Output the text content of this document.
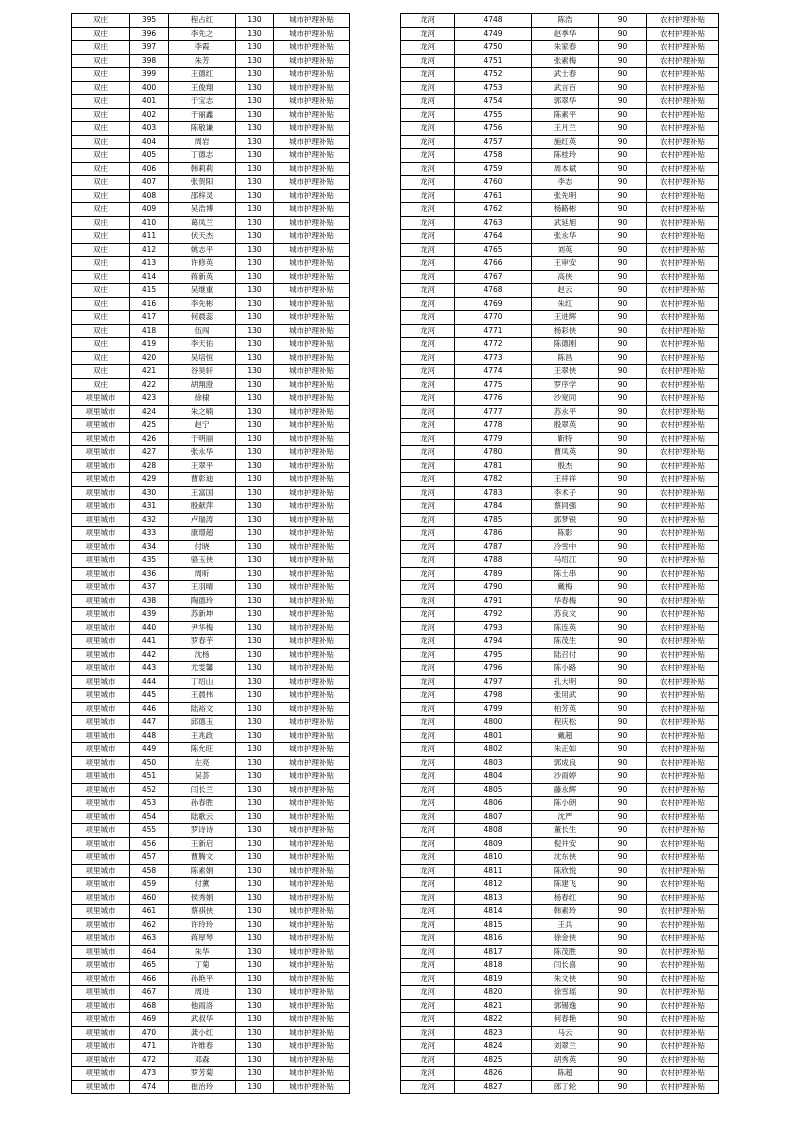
双庄	395	程占红	130	城市护理补贴
双庄	396	李先之	130	城市护理补贴
双庄	397	李霞	130	城市护理补贴
双庄	398	朱芳	130	城市护理补贴
双庄	399	王德红	130	城市护理补贴
双庄	400	王俊翔	130	城市护理补贴
双庄	401	于宝志	130	城市护理补贴
双庄	402	于丽鑫	130	城市护理补贴
双庄	403	陈敬谦	130	城市护理补贴
双庄	404	周岩	130	城市护理补贴
双庄	405	丁德志	130	城市护理补贴
双庄	406	韩莉莉	130	城市护理补贴
双庄	407	张贺阳	130	城市护理补贴
双庄	408	邵梓灵	130	城市护理补贴
双庄	409	吴浩博	130	城市护理补贴
双庄	410	葛凤兰	130	城市护理补贴
双庄	411	伏天杰	130	城市护理补贴
双庄	412	姚志平	130	城市护理补贴
双庄	413	许修英	130	城市护理补贴
双庄	414	蒋新英	130	城市护理补贴
双庄	415	吴继重	130	城市护理补贴
双庄	416	李先彬	130	城市护理补贴
双庄	417	何晨蕊	130	城市护理补贴
双庄	418	伍闯	130	城市护理补贴
双庄	419	李天佑	130	城市护理补贴
双庄	420	吴培恒	130	城市护理补贴
双庄	421	谷昊轩	130	城市护理补贴
双庄	422	胡翔澄	130	城市护理补贴
项里城市	423	徐棣	130	城市护理补贴
项里城市	424	朱之喃	130	城市护理补贴
项里城市	425	赵宁	130	城市护理补贴
项里城市	426	于明丽	130	城市护理补贴
项里城市	427	张永华	130	城市护理补贴
项里城市	428	王翠平	130	城市护理补贴
项里城市	429	曹彰迪	130	城市护理补贴
项里城市	430	王富国	130	城市护理补贴
项里城市	431	殷献萍	130	城市护理补贴
项里城市	432	卢瑞涛	130	城市护理补贴
项里城市	433	康璟超	130	城市护理补贴
项里城市	434	付晓	130	城市护理补贴
项里城市	435	骆玉侠	130	城市护理补贴
项里城市	436	周昕	130	城市护理补贴
项里城市	437	王羽晴	130	城市护理补贴
项里城市	438	陶德玲	130	城市护理补贴
项里城市	439	苏新坤	130	城市护理补贴
项里城市	440	尹华梅	130	城市护理补贴
项里城市	441	罗春芋	130	城市护理补贴
项里城市	442	沈杨	130	城市护理补贴
项里城市	443	尤雯馨	130	城市护理补贴
项里城市	444	丁绍山	130	城市护理补贴
项里城市	445	王晨伟	130	城市护理补贴
项里城市	446	陆裕文	130	城市护理补贴
项里城市	447	邱德玉	130	城市护理补贴
项里城市	448	王兆政	130	城市护理补贴
项里城市	449	陈允旺	130	城市护理补贴
项里城市	450	左亮	130	城市护理补贴
项里城市	451	吴荟	130	城市护理补贴
项里城市	452	闫长兰	130	城市护理补贴
项里城市	453	孙春胜	130	城市护理补贴
项里城市	454	陆歌云	130	城市护理补贴
项里城市	455	罗诗诗	130	城市护理补贴
项里城市	456	王新启	130	城市护理补贴
项里城市	457	曹腾文	130	城市护理补贴
项里城市	458	陈素娟	130	城市护理补贴
项里城市	459	付薰	130	城市护理补贴
项里城市	460	侯秀娟	130	城市护理补贴
项里城市	461	蔡祺侠	130	城市护理补贴
项里城市	462	许玲玲	130	城市护理补贴
项里城市	463	蒋厚琴	130	城市护理补贴
项里城市	464	朱华	130	城市护理补贴
项里城市	465	丁菊	130	城市护理补贴
项里城市	466	孙艳平	130	城市护理补贴
项里城市	467	周进	130	城市护理补贴
项里城市	468	他雨洛	130	城市护理补贴
项里城市	469	武叔华	130	城市护理补贴
项里城市	470	龚小红	130	城市护理补贴
项里城市	471	许维春	130	城市护理补贴
项里城市	472	邓森	130	城市护理补贴
项里城市	473	罗芳菊	130	城市护理补贴
项里城市	474	崔治玲	130	城市护理补贴
龙河	4748	陈浩	90	农村护理补贴
龙河	4749	赵季华	90	农村护理补贴
龙河	4750	朱家春	90	农村护理补贴
龙河	4751	张素梅	90	农村护理补贴
龙河	4752	武士春	90	农村护理补贴
龙河	4753	武言百	90	农村护理补贴
龙河	4754	郭翠华	90	农村护理补贴
龙河	4755	陈素平	90	农村护理补贴
龙河	4756	王月兰	90	农村护理补贴
龙河	4757	施红英	90	农村护理补贴
龙河	4758	陈桂玲	90	农村护理补贴
龙河	4759	周本斌	90	农村护理补贴
龙河	4760	李志	90	农村护理补贴
龙河	4761	张先明	90	农村护理补贴
龙河	4762	杨路彬	90	农村护理补贴
龙河	4763	武延旭	90	农村护理补贴
龙河	4764	张永华	90	农村护理补贴
龙河	4765	刘英	90	农村护理补贴
龙河	4766	王审安	90	农村护理补贴
龙河	4767	高侠	90	农村护理补贴
龙河	4768	赵云	90	农村护理补贴
龙河	4769	朱红	90	农村护理补贴
龙河	4770	王进辉	90	农村护理补贴
龙河	4771	杨彩侠	90	农村护理补贴
龙河	4772	陈德刚	90	农村护理补贴
龙河	4773	陈昌	90	农村护理补贴
龙河	4774	王翠侠	90	农村护理补贴
龙河	4775	罗序学	90	农村护理补贴
龙河	4776	沙宽同	90	农村护理补贴
龙河	4777	苏永平	90	农村护理补贴
龙河	4778	殷翠英	90	农村护理补贴
龙河	4779	靳特	90	农村护理补贴
龙河	4780	曹凤英	90	农村护理补贴
龙河	4781	殷杰	90	农村护理补贴
龙河	4782	王祥祥	90	农村护理补贴
龙河	4783	李术子	90	农村护理补贴
龙河	4784	蔡同强	90	农村护理补贴
龙河	4785	郭梦锐	90	农村护理补贴
龙河	4786	陈影	90	农村护理补贴
龙河	4787	冷雪中	90	农村护理补贴
龙河	4788	马绍江	90	农村护理补贴
龙河	4789	陈士串	90	农村护理补贴
龙河	4790	戴梅	90	农村护理补贴
龙河	4791	华春梅	90	农村护理补贴
龙河	4792	苏良文	90	农村护理补贴
龙河	4793	陈连英	90	农村护理补贴
龙河	4794	陈茂生	90	农村护理补贴
龙河	4795	陆召付	90	农村护理补贴
龙河	4796	陈小路	90	农村护理补贴
龙河	4797	孔大明	90	农村护理补贴
龙河	4798	张用武	90	农村护理补贴
龙河	4799	柏芳英	90	农村护理补贴
龙河	4800	程庆松	90	农村护理补贴
龙河	4801	戴超	90	农村护理补贴
龙河	4802	朱正如	90	农村护理补贴
龙河	4803	郭成良	90	农村护理补贴
龙河	4804	沙雨婷	90	农村护理补贴
龙河	4805	藤永辉	90	农村护理补贴
龙河	4806	陈小朗	90	农村护理补贴
龙河	4807	沈严	90	农村护理补贴
龙河	4808	董长生	90	农村护理补贴
龙河	4809	倪井安	90	农村护理补贴
龙河	4810	沈东侠	90	农村护理补贴
龙河	4811	陈欣悦	90	农村护理补贴
龙河	4812	陈建飞	90	农村护理补贴
龙河	4813	杨春红	90	农村护理补贴
龙河	4814	韩素玲	90	农村护理补贴
龙河	4815	王兵	90	农村护理补贴
龙河	4816	徐金侠	90	农村护理补贴
龙河	4817	陈茂胜	90	农村护理补贴
龙河	4818	闫长喜	90	农村护理补贴
龙河	4819	朱文侠	90	农村护理补贴
龙河	4820	徐雪瑶	90	农村护理补贴
龙河	4821	郭锡逸	90	农村护理补贴
龙河	4822	何春艳	90	农村护理补贴
龙河	4823	马云	90	农村护理补贴
龙河	4824	刘翠兰	90	农村护理补贴
龙河	4825	胡秀英	90	农村护理补贴
龙河	4826	陈超	90	农村护理补贴
龙河	4827	郎丁轮	90	农村护理补贴
